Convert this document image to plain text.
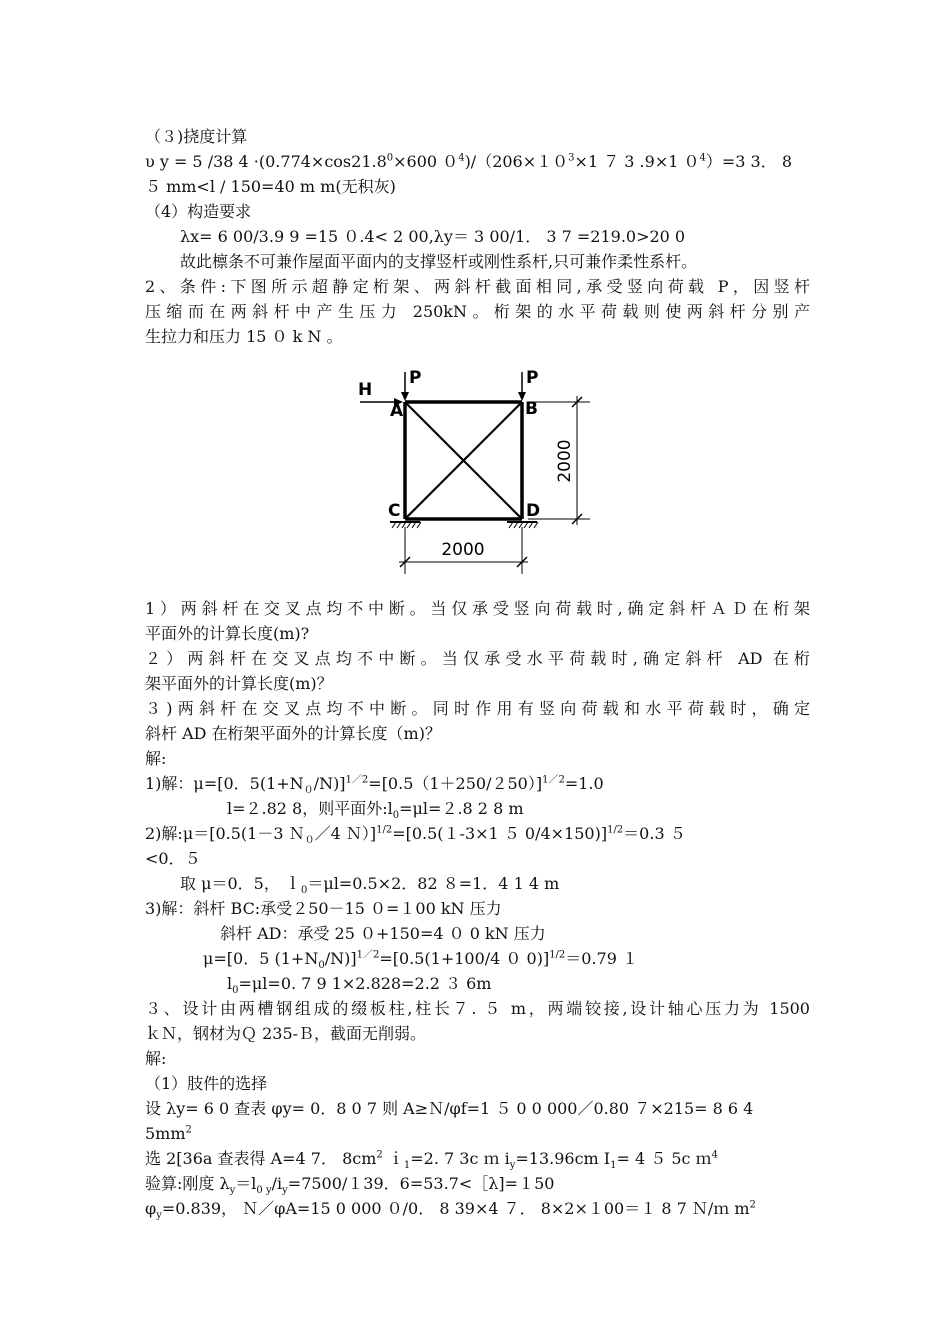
（３)挠度计算
υ y = 5 /38 $4 \cdot(0.774\times\cos 21.8^0\times 600$ $0^4)/(206\times 10^3\times 1$ ７ 3 .9×1 $0^4)=3$ 3． 8
５ mm<l / 150=40 m m(无积灰)
（4）构造要求
λx= 6 00/3.9 9 =15 ０.4< 2 00,λy＝ 3 00/1． 3 7 =219.0>20 0
故此檩条不可兼作屋面平面内的支撑竖杆或刚性系杆,只可兼作柔性系杆。
2、条件:下图所示超静定桁架、两斜杆截面相同,承受竖向荷载 P，因竖杆
压缩而在两斜杆中产生压力 250kN。桁架的水平荷载则使两斜杆分别产
生拉力和压力 15 ０ k N 。
P	P
H
A	B
C	D
2000
2000
1）两斜杆在交叉点均不中断。当仅承受竖向荷载时,确定斜杆ＡＤ在桁架
平面外的计算长度(m)?
２）两斜杆在交叉点均不中断。当仅承受水平荷载时,确定斜杆 AD 在桁
架平面外的计算长度(m)？
３)两斜杆在交叉点均不中断。同时作用有竖向荷载和水平荷载时，确定
斜杆 AD 在桁架平面外的计算长度（m)？
解:
1)解：μ=[0．$5(1+N_0/N)]^{1/2}=[0.5(1+250/250)]^{1/2}=1.0$
l=２.82 8，则平面外$:l_0=\mu l=2.8$ 2 8 m
2)解:μ＝[0.5(1－3 Ｎ$_0$／4 Ｎ）]$^{1/2}$=[0.5(１-3×1 ５ 0/4×150)]$^{1/2}$＝0.3 ５
<0．５
取 μ＝0．5， ｌ$_0$＝μl=0.5×2．82 ８=1．4 1 4 m
3)解：斜杆 BC:承受２50－15 ０=１00 kN 压力
斜杆 AD：承受 25 ０+150=4 ０ 0 kN 压力
μ=[0．5 $(1+N_0/N)]^{1/2}=[0.5(1+100/4$ ０ 0)]$^{1/2}$＝0.79 １
$l_0=\mu l=0$. 7 9 1×2.828=2.2 ３ 6m
３、设计由两槽钢组成的缀板柱,柱长７. ５ m，两端铰接,设计轴心压力为 1500
ｋＮ，钢材为Ｑ 235-Ｂ，截面无削弱。
解:
（1）肢件的选择
设 λy= 6 0 查表 φy= 0．8 0 7 则 A≥Ｎ/φf=1 ５ 0 0 000／0.80 ７×215= 8 6 4
$5mm^2$
选 2[36a 查表得 A=4 7． $8cm^2$ ｉ$_1$=2. 7 3c ｍ $i_y=13.96cm$ $I_1= 4$ ５ 5c ｍ$^4$
验算:刚度 $\lambda_y=l_{0 y}/i_y=7500/139$．6=53.7<［λ]=１50
$\varphi_y=0.839$， Ｎ／φA=15 0 000 ０/0． 8 39×4 ７． 8×2×１00＝１ 8 7 Ｎ/ｍ $m^2$
